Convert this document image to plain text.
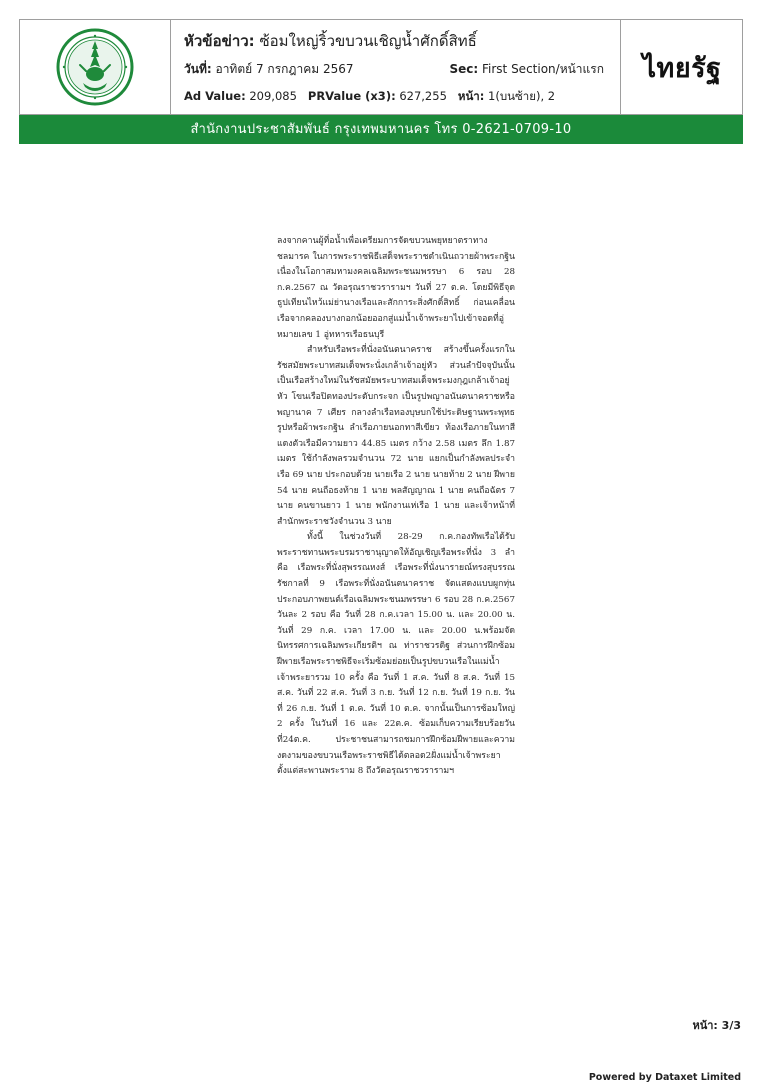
หัวข้อข่าว: ซ้อมใหญ่ริ้วขบวนเชิญน้ำศักดิ์สิทธิ์
วันที่: อาทิตย์ 7 กรกฎาคม 2567	Sec: First Section/หน้าแรก
Ad Value: 209,085 PRValue (x3): 627,255 หน้า: 1(บนซ้าย), 2
ไทยรัฐ
สำนักงานประชาสัมพันธ์ กรุงเทพมหานคร โทร 0-2621-0709-10

ลงจากคานผู้ที่อน้ำเพื่อเตรียมการจัดขบวนพยุหยาตราทางชลมารค ในการพระราชพิธีเสด็จพระราชดำเนินถวายผ้าพระกฐิน เนื่องในโอกาสมหามงคลเฉลิมพระชนมพรรษา 6 รอบ 28 ก.ค.2567 ณ วัดอรุณราชวรารามฯ วันที่ 27 ต.ค. โดยมีพิธีจุดธูปเทียนไหว้แม่ย่านางเรือและสักการะสิ่งศักดิ์สิทธิ์ ก่อนเคลื่อนเรือจากคลองบางกอกน้อยออกสู่แม่น้ำเจ้าพระยาไปเข้าจอดที่อู่หมายเลข 1 อู่ทหารเรือธนบุรี

สำหรับเรือพระที่นั่งอนันตนาคราช สร้างขึ้นครั้งแรกในรัชสมัยพระบาทสมเด็จพระนั่งเกล้าเจ้าอยู่หัว ส่วนลำปัจจุบันนั้นเป็นเรือสร้างใหม่ในรัชสมัยพระบาทสมเด็จพระมงกุฎเกล้าเจ้าอยู่หัว โขนเรือปิดทองประดับกระจก เป็นรูปพญาอนันตนาคราชหรือพญานาค 7 เศียร กลางลำเรือทองบุษบกใช้ประดิษฐานพระพุทธรูปหรือผ้าพระกฐิน ลำเรือภายนอกทาสีเขียว ท้องเรือภายในทาสีแดงตัวเรือมีความยาว 44.85 เมตร กว้าง 2.58 เมตร ลึก 1.87 เมตร ใช้กำลังพลรวมจำนวน 72 นาย แยกเป็นกำลังพลประจำเรือ 69 นาย ประกอบด้วย นายเรือ 2 นาย นายท้าย 2 นาย ฝีพาย 54 นาย คนถือธงท้าย 1 นาย พลสัญญาณ 1 นาย คนถือฉัตร 7 นาย คนขานยาว 1 นาย พนักงานเห่เรือ 1 นาย และเจ้าหน้าที่สำนักพระราชวังจำนวน 3 นาย

ทั้งนี้ ในช่วงวันที่ 28-29 ก.ค.กองทัพเรือได้รับพระราชทานพระบรมราชานุญาตให้อัญเชิญเรือพระที่นั่ง 3 ลำ คือ เรือพระที่นั่งสุพรรณหงส์ เรือพระที่นั่งนารายณ์ทรงสุบรรณรัชกาลที่ 9 เรือพระที่นั่งอนันตนาคราช จัดแสดงแบบผูกทุ่นประกอบภาพยนต์เรือเฉลิมพระชนมพรรษา 6 รอบ 28 ก.ค.2567 วันละ 2 รอบ คือ วันที่ 28 ก.ค.เวลา 15.00 น. และ 20.00 น. วันที่ 29 ก.ค. เวลา 17.00 น. และ 20.00 น.พร้อมจัดนิทรรศการเฉลิมพระเกียรติฯ ณ ท่าราชวรดิฐ ส่วนการฝึกซ้อมฝีพายเรือพระราชพิธีจะเริ่มซ้อมย่อยเป็นรูปขบวนเรือในแม่น้ำเจ้าพระยารวม 10 ครั้ง คือ วันที่ 1 ส.ค. วันที่ 8 ส.ค. วันที่ 15 ส.ค. วันที่ 22 ส.ค. วันที่ 3 ก.ย. วันที่ 12 ก.ย. วันที่ 19 ก.ย. วันที่ 26 ก.ย. วันที่ 1 ต.ค. วันที่ 10 ต.ค. จากนั้นเป็นการซ้อมใหญ่ 2 ครั้ง ในวันที่ 16 และ 22ต.ค. ซ้อมเก็บความเรียบร้อยวันที่24ต.ค. ประชาชนสามารถชมการฝึกซ้อมฝีพายและความงดงามของขบวนเรือพระราชพิธีได้ตลอด2ฝั่งแม่น้ำเจ้าพระยาตั้งแต่สะพานพระราม 8 ถึงวัดอรุณราชวรารามฯ

หน้า: 3/3
Powered by Dataxet Limited
